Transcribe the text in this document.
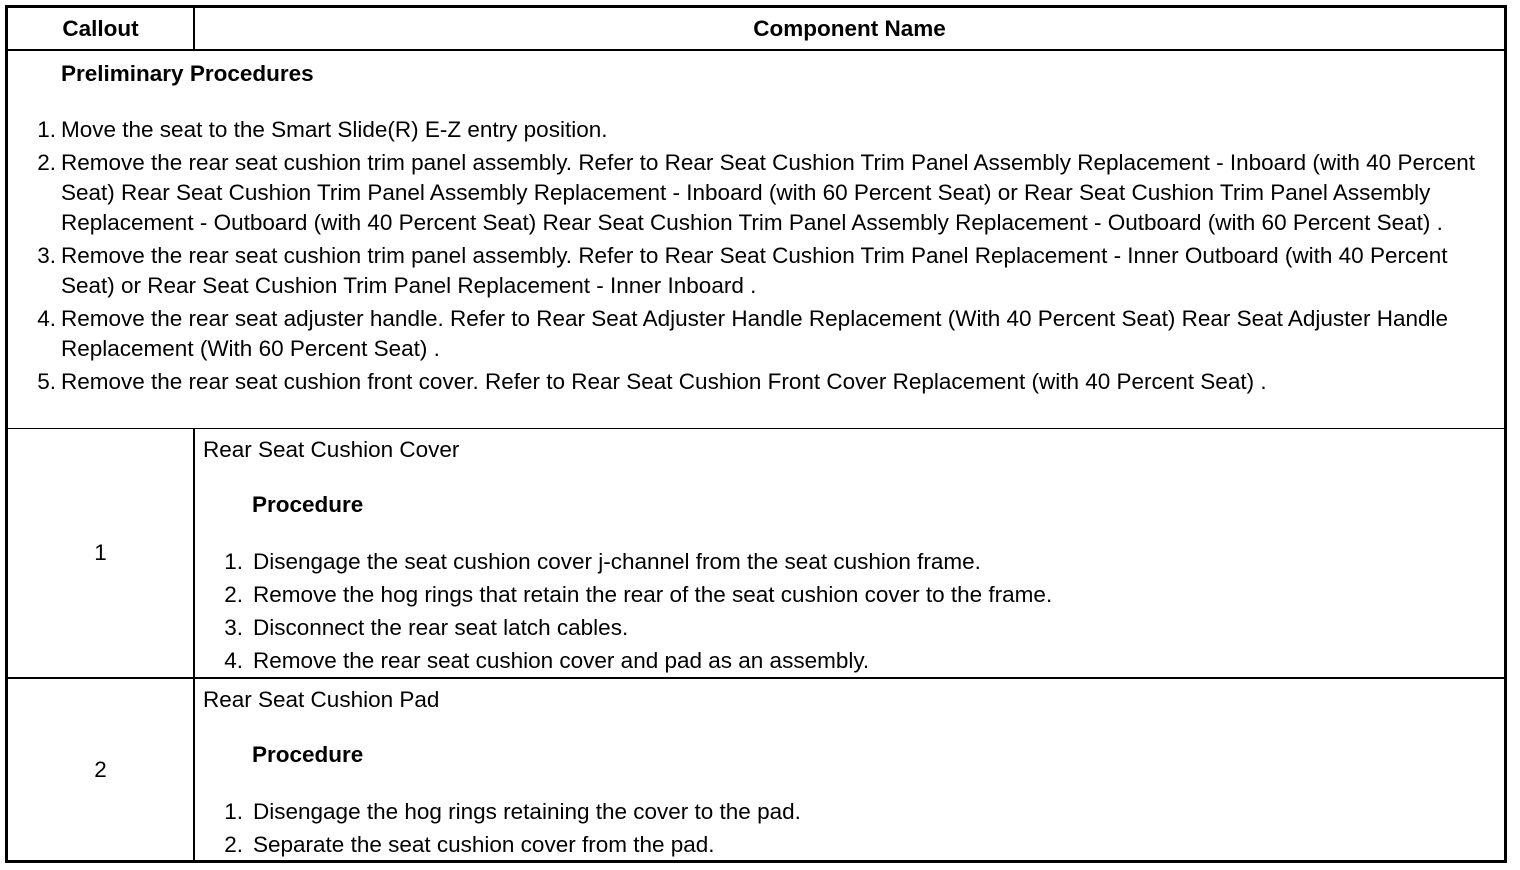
Callout	Component Name
Preliminary Procedures
1. Move the seat to the Smart Slide(R) E-Z entry position.
2. Remove the rear seat cushion trim panel assembly. Refer to Rear Seat Cushion Trim Panel Assembly Replacement - Inboard (with 40 Percent Seat) Rear Seat Cushion Trim Panel Assembly Replacement - Inboard (with 60 Percent Seat) or Rear Seat Cushion Trim Panel Assembly Replacement - Outboard (with 40 Percent Seat) Rear Seat Cushion Trim Panel Assembly Replacement - Outboard (with 60 Percent Seat) .
3. Remove the rear seat cushion trim panel assembly. Refer to Rear Seat Cushion Trim Panel Replacement - Inner Outboard (with 40 Percent Seat) or Rear Seat Cushion Trim Panel Replacement - Inner Inboard .
4. Remove the rear seat adjuster handle. Refer to Rear Seat Adjuster Handle Replacement (With 40 Percent Seat) Rear Seat Adjuster Handle Replacement (With 60 Percent Seat) .
5. Remove the rear seat cushion front cover. Refer to Rear Seat Cushion Front Cover Replacement (with 40 Percent Seat) .
1
Rear Seat Cushion Cover
Procedure
1. Disengage the seat cushion cover j-channel from the seat cushion frame.
2. Remove the hog rings that retain the rear of the seat cushion cover to the frame.
3. Disconnect the rear seat latch cables.
4. Remove the rear seat cushion cover and pad as an assembly.
2
Rear Seat Cushion Pad
Procedure
1. Disengage the hog rings retaining the cover to the pad.
2. Separate the seat cushion cover from the pad.
